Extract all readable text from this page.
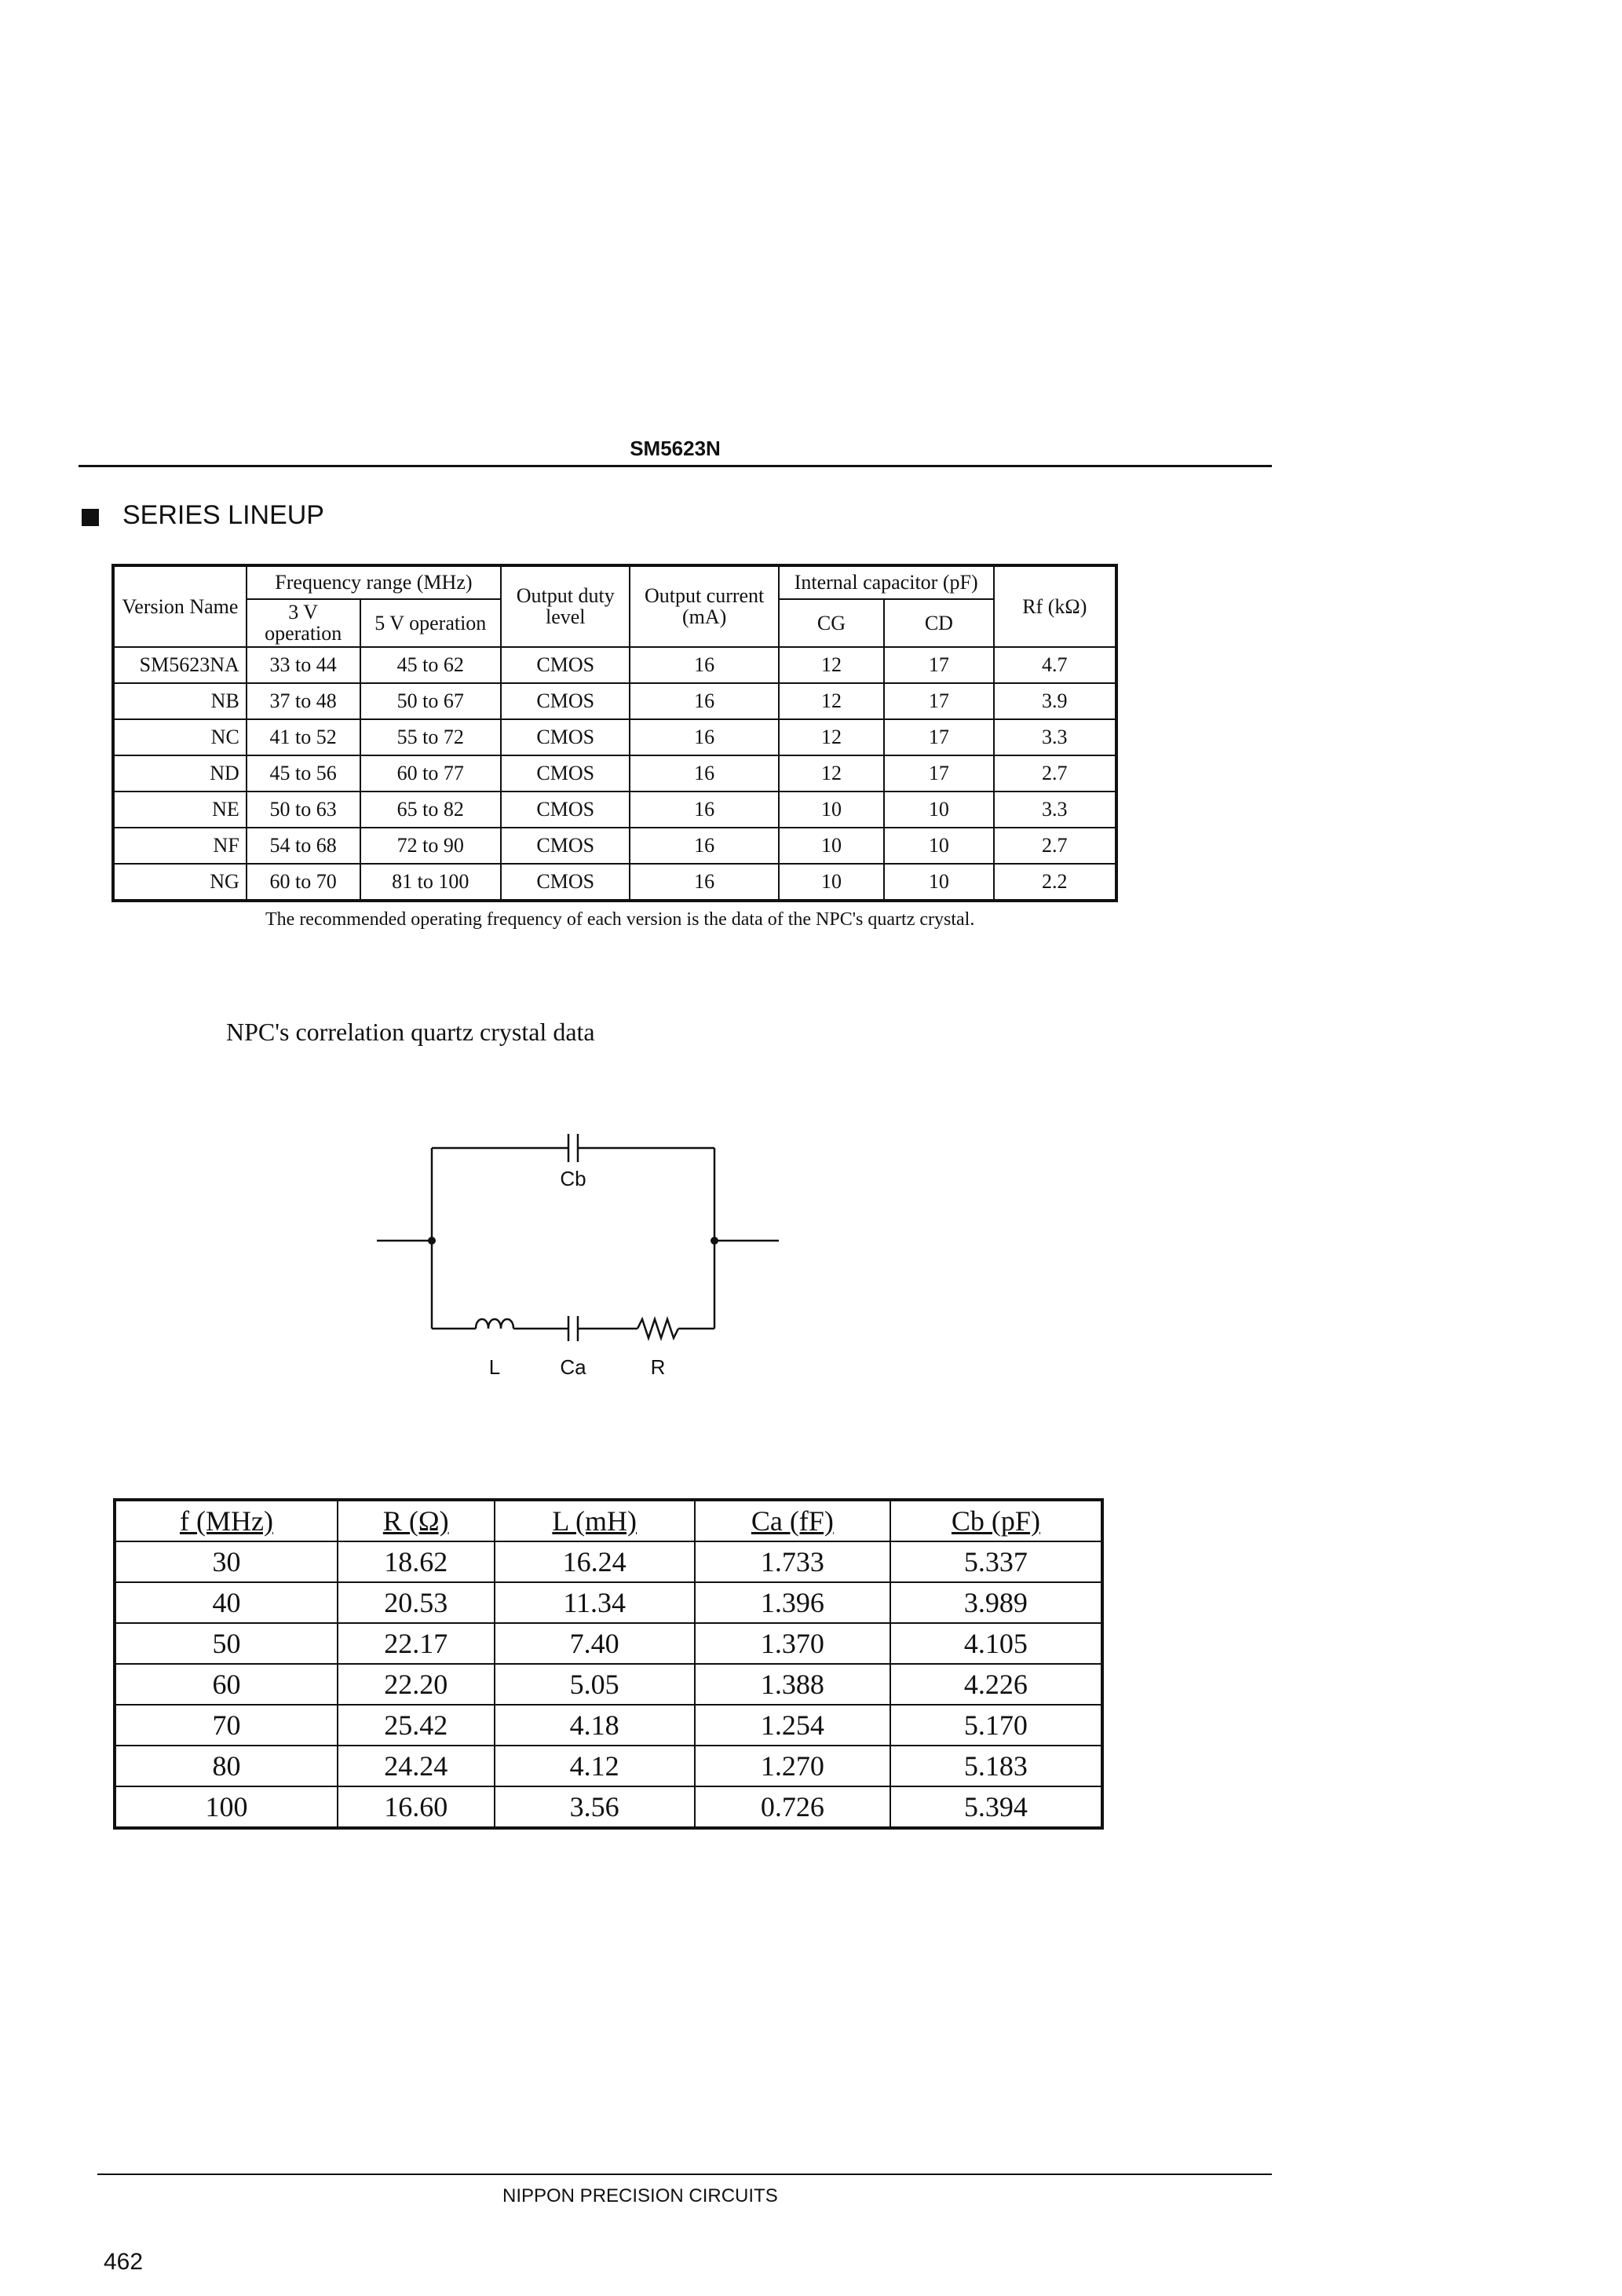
SM5623N
SERIES LINEUP
Version Name	Frequency range (MHz)		Output duty level	Output current (mA)	Internal capacitor (pF)		Rf (kΩ)
	3 V operation	5 V operation			CG	CD	
SM5623NA	33 to 44	45 to 62	CMOS	16	12	17	4.7
NB	37 to 48	50 to 67	CMOS	16	12	17	3.9
NC	41 to 52	55 to 72	CMOS	16	12	17	3.3
ND	45 to 56	60 to 77	CMOS	16	12	17	2.7
NE	50 to 63	65 to 82	CMOS	16	10	10	3.3
NF	54 to 68	72 to 90	CMOS	16	10	10	2.7
NG	60 to 70	81 to 100	CMOS	16	10	10	2.2
The recommended operating frequency of each version is the data of the NPC's quartz crystal.
NPC's correlation quartz crystal data
Cb
L	Ca	R
f (MHz)	R (Ω)	L (mH)	Ca (fF)	Cb (pF)
30	18.62	16.24	1.733	5.337
40	20.53	11.34	1.396	3.989
50	22.17	7.40	1.370	4.105
60	22.20	5.05	1.388	4.226
70	25.42	4.18	1.254	5.170
80	24.24	4.12	1.270	5.183
100	16.60	3.56	0.726	5.394
NIPPON PRECISION CIRCUITS
462
